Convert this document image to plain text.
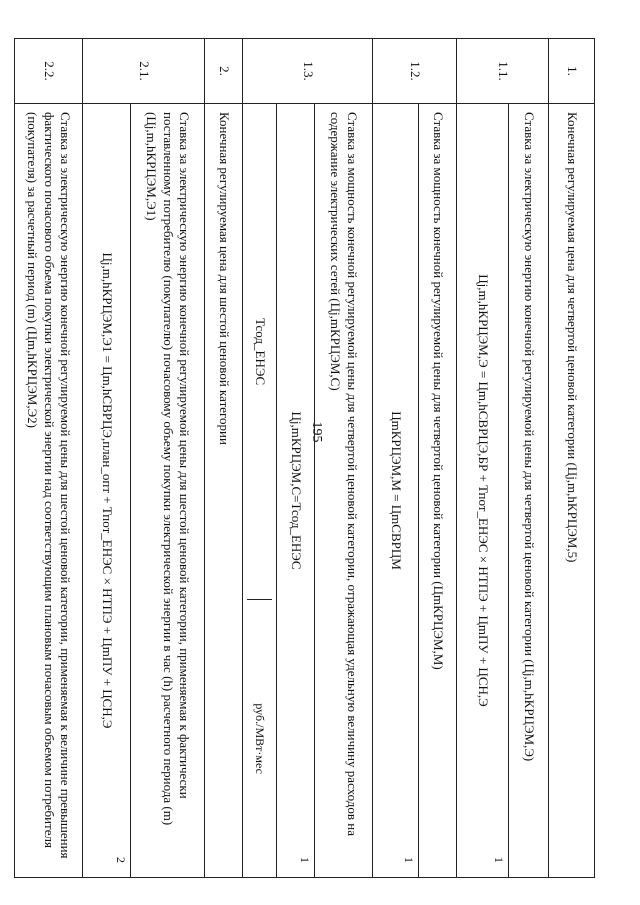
195
1.	Конечная регулируемая цена для четвертой ценовой категории (Цj,m,hКРЦЭМ,5)
1.1.	Ставка за электрическую энергию конечной регулируемой цены для четвертой ценовой категории (Цj,m,hКРЦЭМ,Э)
Цj,m,hКРЦЭМ,Э = Цm,hСВРЦЭ,БР + Тпот_ЕНЭС × НТПЭ + ЦmПУ + ЦСН,Э
1

1.2.	Ставка за мощность конечной регулируемой цены для четвертой ценовой категории (ЦmКРЦЭМ,М)
ЦmКРЦЭМ,М = ЦmСВРЦМ
1

1.3.	Ставка за мощность конечной регулируемой цены для четвертой ценовой категории, отражающая удельную величину расходов на содержание электрических сетей (Цj,mКРЦЭМ,С)
Цj,mКРЦЭМ,С=Тсод_ЕНЭС
1

Тсод_ЕНЭС	руб./МВт·мес

2.	Конечная регулируемая цена для шестой ценовой категории
2.1.	Ставка за электрическую энергию конечной регулируемой цены для шестой ценовой категории, применяемая к фактически поставленному потребителю (покупателю) почасовому объему покупки электрической энергии в час (h) расчетного периода (m) (Цj,m,hКРЦЭМ,Э1)
Цj,m,hКРЦЭМ,Э1 = Цm,hСВРЦЭ,план_опт + Тпот_ЕНЭС × НТПЭ + ЦmПУ + ЦСН,Э
2

2.2.	Ставка за электрическую энергию конечной регулируемой цены для шестой ценовой категории, применяемая к величине превышения фактического почасового объема покупки электрической энергии над соответствующим плановым почасовым объемом потребителя (покупателя) за расчетный период (m) (Цm,hКРЦЭМ,Э2)
